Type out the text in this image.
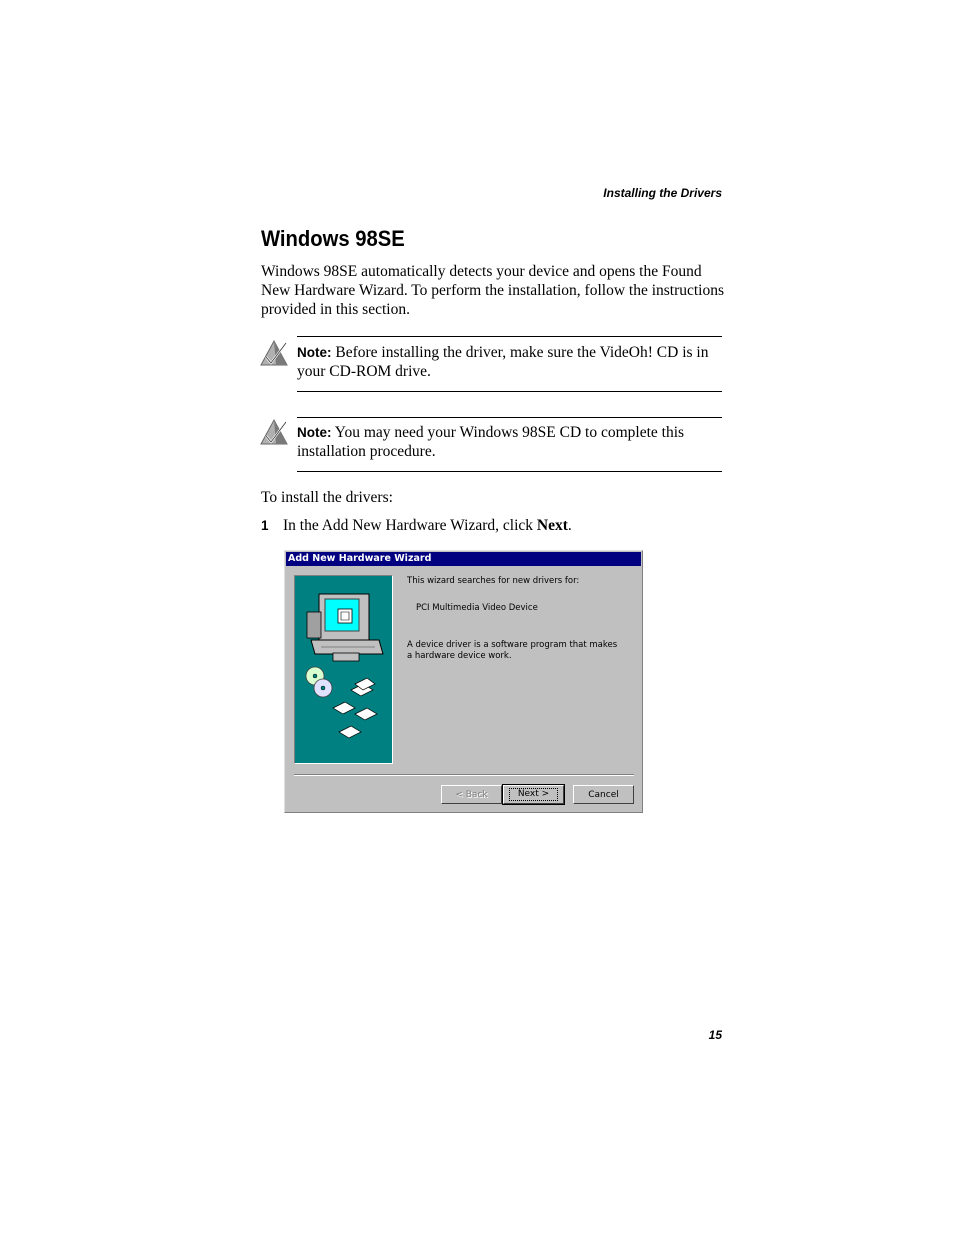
Installing the Drivers
Windows 98SE
Windows 98SE automatically detects your device and opens the Found New Hardware Wizard. To perform the installation, follow the instructions provided in this section.
Note: Before installing the driver, make sure the VideOh! CD is in your CD-ROM drive.
Note: You may need your Windows 98SE CD to complete this installation procedure.
To install the drivers:
1 In the Add New Hardware Wizard, click Next.
Add New Hardware Wizard
This wizard searches for new drivers for:
PCI Multimedia Video Device
A device driver is a software program that makes a hardware device work.
< Back	Next >	Cancel
15
